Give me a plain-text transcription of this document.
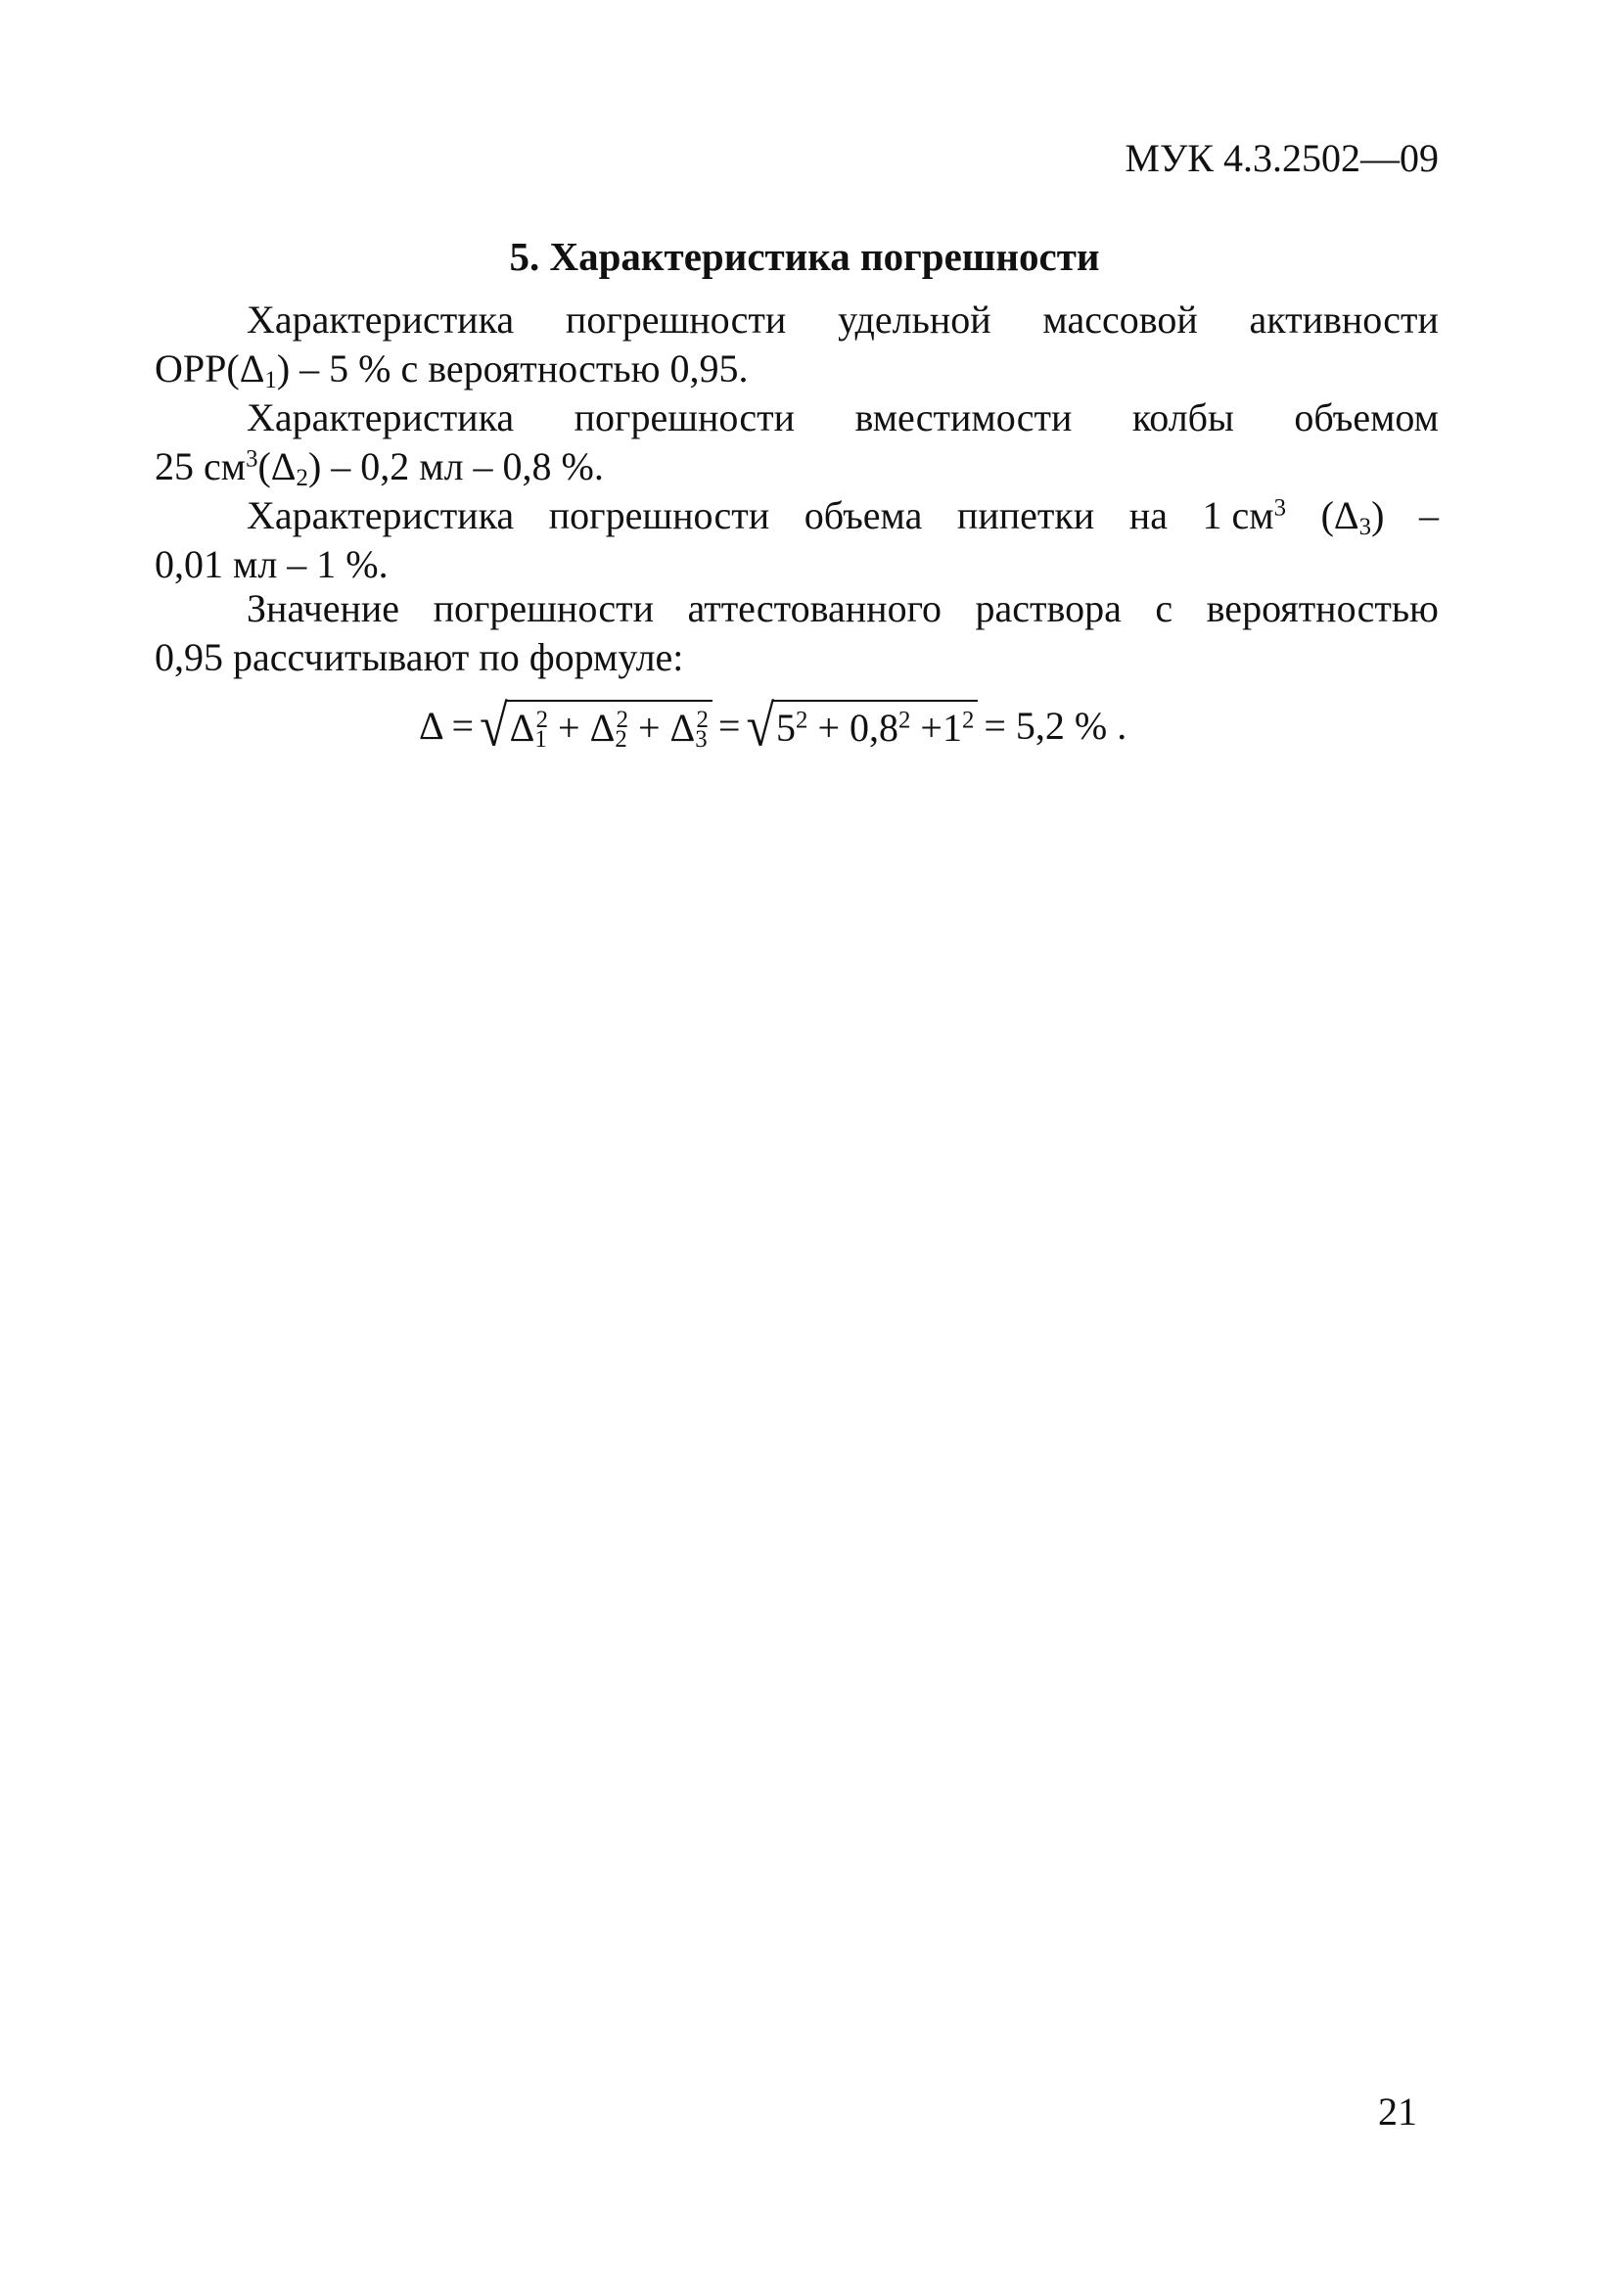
МУК 4.3.2502—09
5. Характеристика погрешности
Характеристика погрешности удельной массовой активности
$ОРР(\Delta_1) - 5$ % с вероятностью 0,95.
Характеристика погрешности вместимости колбы объемом
25 $см^3(\Delta_2) - 0,2$ мл – 0,8 %.
Характеристика погрешности объема пипетки на 1 $см^3$ $(\Delta_3)$ –
0,01 мл – 1 %.
Значение погрешности аттестованного раствора с вероятностью
0,95 рассчитывают по формуле:
Δ = √ $\Delta_1^2 + \Delta_2^2 + \Delta_3^2$ = √ $5^2 + 0,8^2 +1^2 = 5,2$ % .
21
